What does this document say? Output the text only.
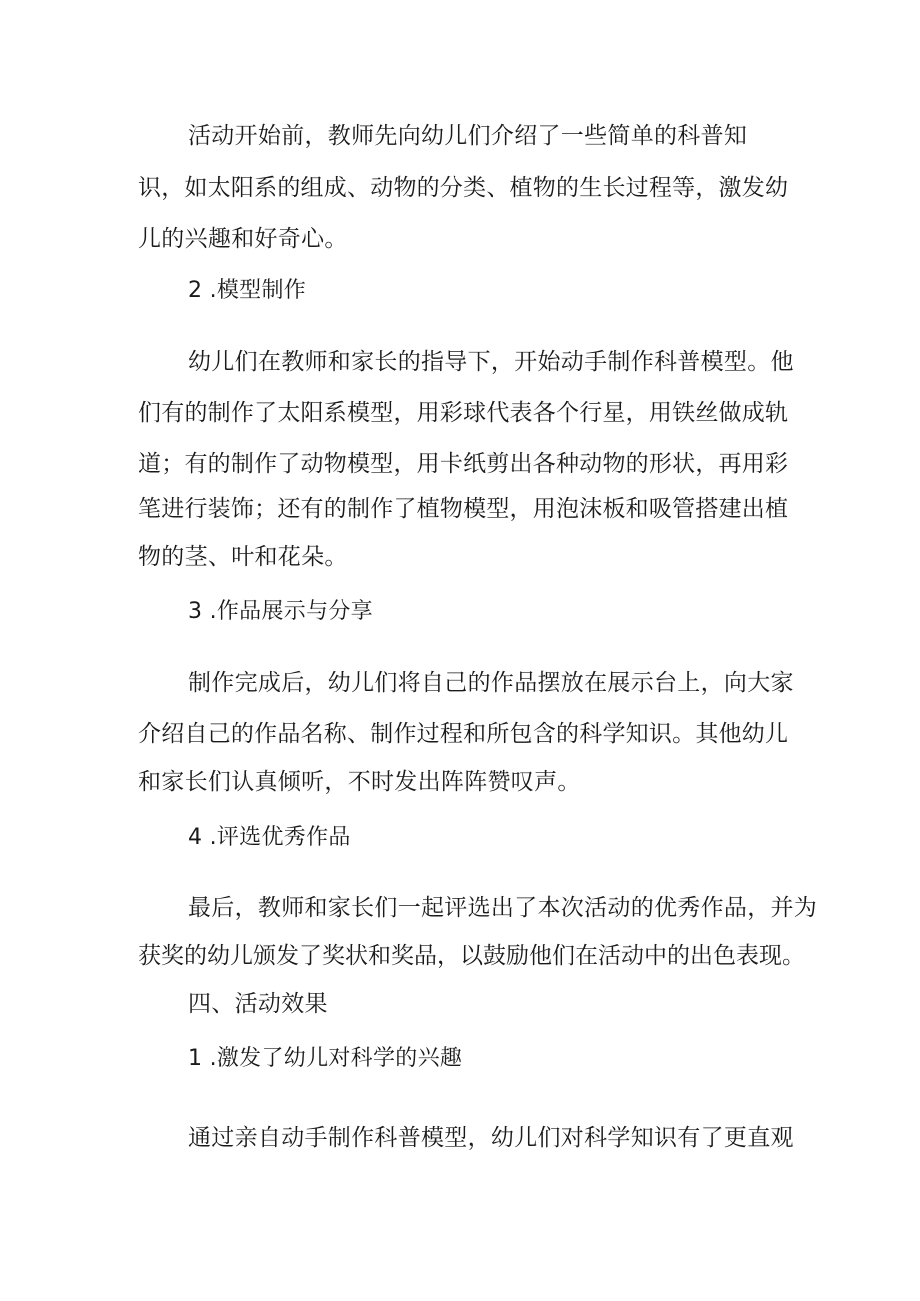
活动开始前，教师先向幼儿们介绍了一些简单的科普知
识，如太阳系的组成、动物的分类、植物的生长过程等，激发幼
儿的兴趣和好奇心。
2 .模型制作
幼儿们在教师和家长的指导下，开始动手制作科普模型。他
们有的制作了太阳系模型，用彩球代表各个行星，用铁丝做成轨
道；有的制作了动物模型，用卡纸剪出各种动物的形状，再用彩
笔进行装饰；还有的制作了植物模型，用泡沫板和吸管搭建出植
物的茎、叶和花朵。
3 .作品展示与分享
制作完成后，幼儿们将自己的作品摆放在展示台上，向大家
介绍自己的作品名称、制作过程和所包含的科学知识。其他幼儿
和家长们认真倾听，不时发出阵阵赞叹声。
4 .评选优秀作品
最后，教师和家长们一起评选出了本次活动的优秀作品，并为
获奖的幼儿颁发了奖状和奖品，以鼓励他们在活动中的出色表现。
四、活动效果
1 .激发了幼儿对科学的兴趣
通过亲自动手制作科普模型，幼儿们对科学知识有了更直观
